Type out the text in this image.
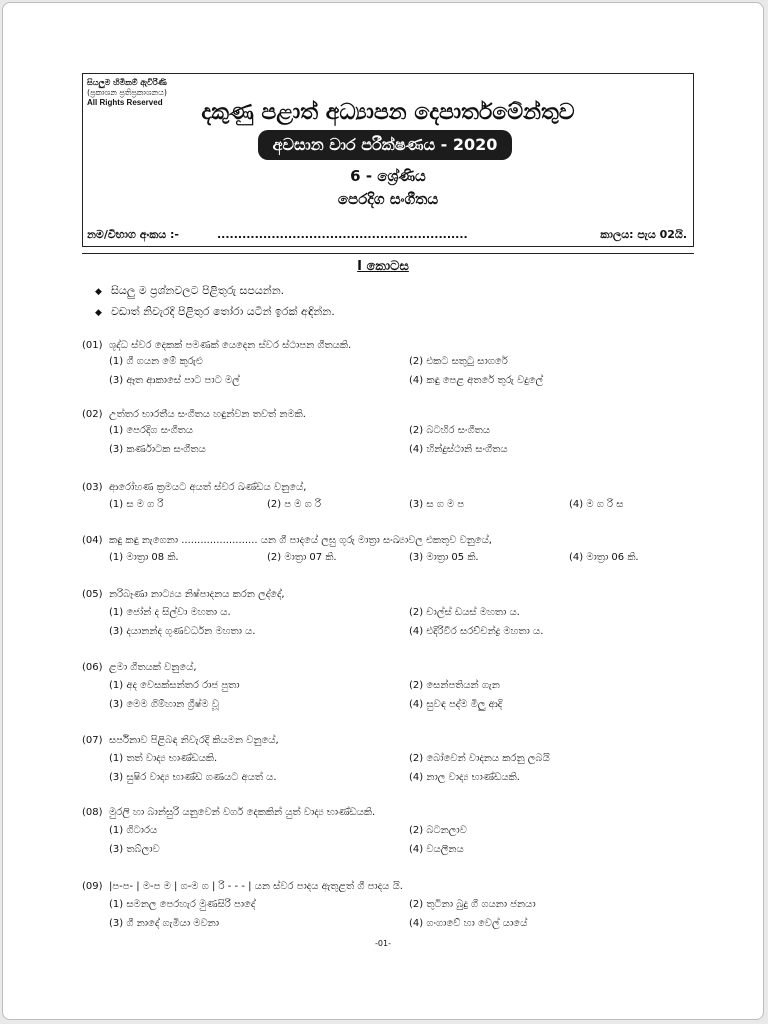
සියලුම හිමිකම් ඇවිරිණි
(ප්‍රකාශන ප්‍රතිප්‍රකාශනය)
All Rights Reserved	දකුණු පළාත් අධ්‍යාපන දෙපාර්තමේන්තුව
අවසාන වාර පරීක්ෂණය - 2020
6 - ශ්‍රේණිය
පෙරදිග සංගීතය
නම/විභාග අංකය :-	............................................................	කාලය: පැය 02යි.
I කොටස
◆ සියලු ම ප්‍රශ්නවලට පිළිතුරු සපයන්න.
◆ වඩාත් නිවැරදි පිළිතුර තෝරා යටින් ඉරක් අඳින්න.
(01) ශුද්ධ ස්වර දෙකක් පමණක් යෙදෙන ස්වර ස්ථාපන ගීතයකි.
(1) ගී ගයන මේ කුරුළු	(2) එකට සතුටු සාගරේ
(3) ඈත ආකාසේ පාට පාට මල්	(4) කඳු පෙළ අතරේ තුරු වදුලේ
(02) උත්තර භාරතීය සංගීතය හඳුන්වන තවත් නමකි.
(1) පෙරදිග සංගීතය	(2) බටහිර සංගීතය
(3) කර්ණාටක සංගීතය	(4) හින්දුස්ථානි සංගීතය
(03) ආරෝහණ ක්‍රමයට අයත් ස්වර ඛණ්ඩය වනුයේ,
(1) ස ම ග රි	(2) ප ම ග රි	(3) ස ග ම ප	(4) ම ග රි ස
(04) කඳු කඳු නැගෙනා ........................ යන ගී පාදයේ ලඝු ගුරු මාත්‍රා සංඛ්‍යාවල එකතුව වනුයේ,
(1) මාත්‍රා 08 කි.	(2) මාත්‍රා 07 කි.	(3) මාත්‍රා 05 කි.	(4) මාත්‍රා 06 කි.
(05) නරිබෑණා නාට්‍යය නිෂ්පාදනය කරන ලද්දේ,
(1) ජෝන් ද සිල්වා මහතා ය.	(2) චාල්ස් ඩයස් මහතා ය.
(3) දයානන්ද ගුණවර්ධන මහතා ය.	(4) එදිරිවීර සරච්චන්ද්‍ර මහතා ය.
(06) ළමා ගීතයක් වනුයේ,
(1) අද වෙසක්සන්තර රාජ පුතා	(2) සෙන්පතියන් ගැන
(3) මෙම ගිම්හාන ග්‍රීෂ්ම වූ	(4) සුවඳ පද්ම මිලු ආදි
(07) සර්පිනාව පිළිබඳ නිවැරදි කියමන වනුයේ,
(1) තත් වාද්‍ය භාණ්ඩයකි.	(2) බෝවෙන් වාදනය කරනු ලබයි
(3) සුෂිර වාද්‍ය භාණ්ඩ ගණයට අයත් ය.	(4) නාල වාද්‍ය භාණ්ඩයකි.
(08) මුරලි හා බාන්සුරි යනුවෙන් වර්ග දෙකකින් යුත් වාද්‍ය භාණ්ඩයකි.
(1) ගිටාරය	(2) බටනලාව
(3) තබ්ලාව	(4) වයලීනය
(09) |ප-ප- | ම-ප ම | ග-ම ග | රි - - - | යන ස්වර පාදය ඇතුළත් ගී පාදය යි.
(1) සමනල පෙරහැර මුණසිරි පාදේ	(2) තුටිනා බුදු ගී ගයනා ජනයා
(3) ගී නාදේ ගැමියා මවනා	(4) ගංගාවේ හා වෙල් යායේ
-01-
